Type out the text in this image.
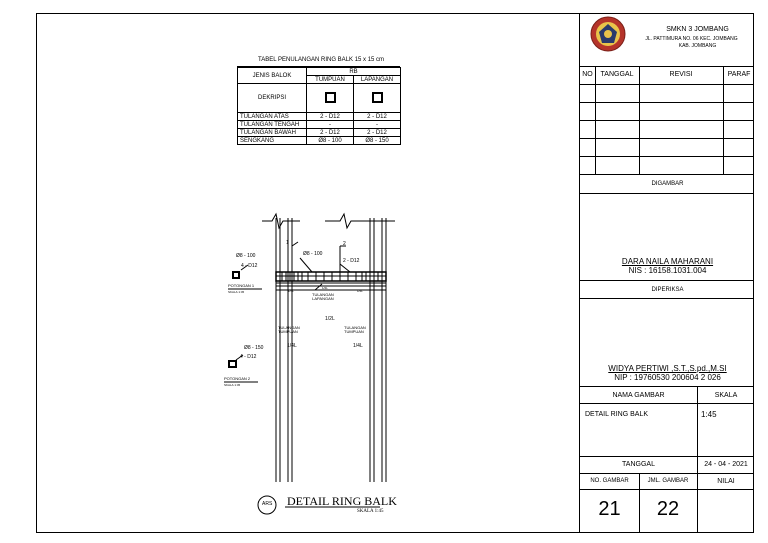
TABEL PENULANGAN RING BALK 15 x 15 cm
JENIS BALOK	RB	
	TUMPUAN	LAPANGAN
DEKRIPSI		
TULANGAN ATAS	2 - D12	2 - D12
TULANGAN TENGAH	-	-
TULANGAN BAWAH	2 - D12	2 - D12
SENGKANG	Ø8 - 100	Ø8 - 150
Ø8 - 100
4 - D12
POTONGAN 1
SKALA 1:45
Ø8 - 150
4 - D12
POTONGAN 2
SKALA 1:45
1	2
Ø8 - 100
2 - D12
1/4L
1/2L
1/4L
TULANGAN
LAPANGAN
1/2L
TULANGAN
TUMPUAN
1/4L
TULANGAN
TUMPUAN
1/4L
ARS DETAIL RING BALK
SKALA 1:45
SMKN 3 JOMBANG
JL. PATTIMURA NO. 06 KEC. JOMBANG
KAB. JOMBANG
NO	TANGGAL	REVISI	PARAF
DIGAMBAR
DARA NAILA MAHARANI
NIS : 16158.1031.004
DIPERIKSA
WIDYA PERTIWI ,S.T.,S.pd.,M.SI
NIP : 19760530 200604 2 026
NAMA GAMBAR	SKALA
DETAIL RING BALK	1:45
TANGGAL	24 - 04 - 2021
NO. GAMBAR	JML. GAMBAR	NILAI
21	22
